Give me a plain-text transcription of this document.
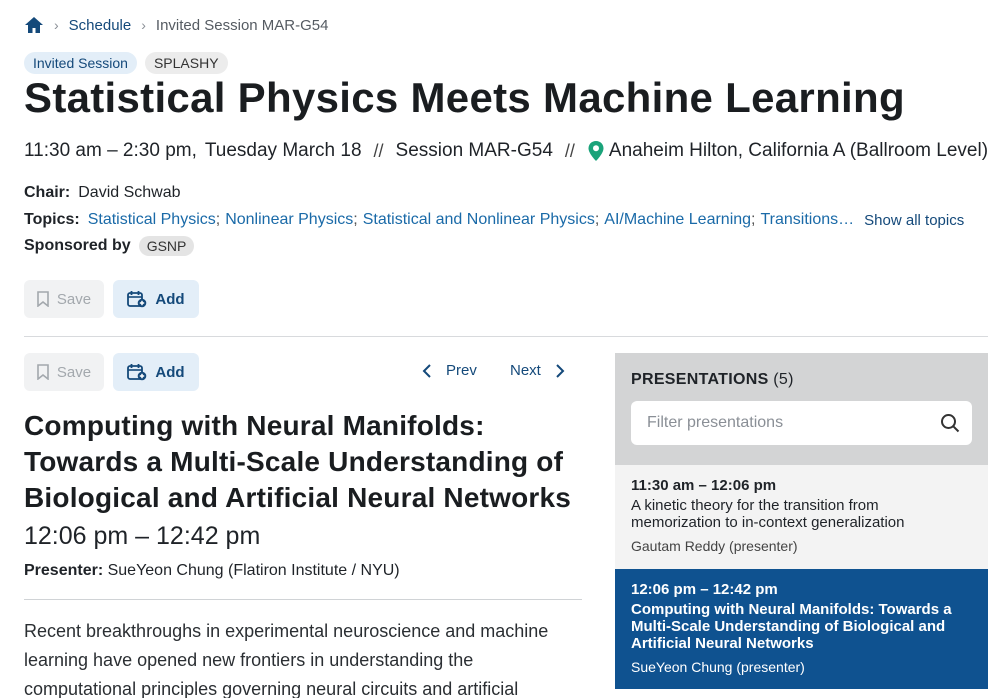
› Schedule › Invited Session MAR-G54
Invited Session	SPLASHY
Statistical Physics Meets Machine Learning
11:30 am – 2:30 pm, Tuesday March 18 // Session MAR-G54 // Anaheim Hilton, California A (Ballroom Level)
Chair: David Schwab
Topics: Statistical Physics ; Nonlinear Physics ; Statistical and Nonlinear Physics ; AI/Machine Learning ; Transitions… Show all topics
Sponsored by	GSNP
Save	Add
Save	Add	Prev Next
Computing with Neural Manifolds: Towards a Multi-Scale Understanding of Biological and Artificial Neural Networks
12:06 pm – 12:42 pm
Presenter: SueYeon Chung (Flatiron Institute / NYU)

Recent breakthroughs in experimental neuroscience and machine learning have opened new frontiers in understanding the computational principles governing neural circuits and artificial

PRESENTATIONS (5)
Filter presentations
11:30 am – 12:06 pm
A kinetic theory for the transition from memorization to in-context generalization
Gautam Reddy (presenter)
12:06 pm – 12:42 pm
Computing with Neural Manifolds: Towards a Multi-Scale Understanding of Biological and Artificial Neural Networks
SueYeon Chung (presenter)
